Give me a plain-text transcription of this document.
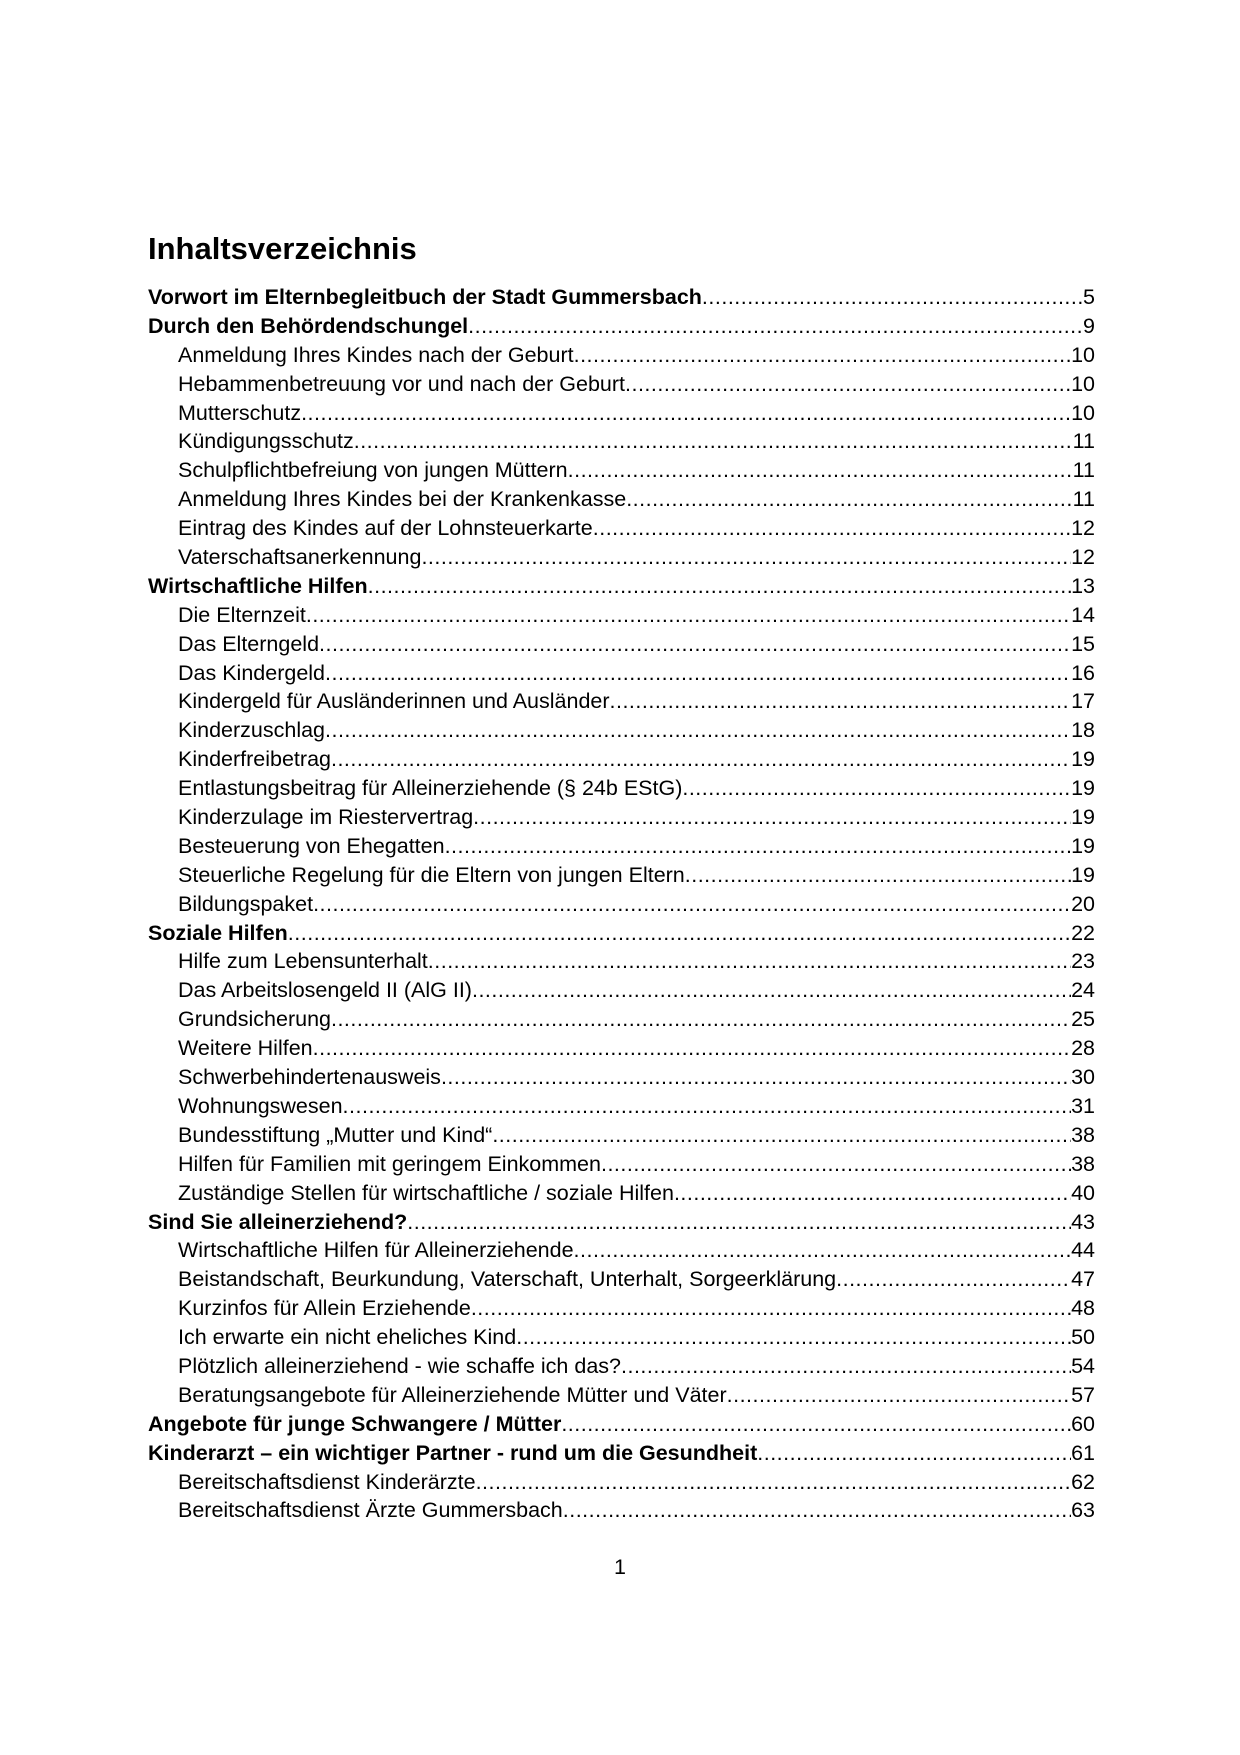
Inhaltsverzeichnis
Vorwort im Elternbegleitbuch der Stadt Gummersbach .....	5
Durch den Behördendschungel .....	9
Anmeldung Ihres Kindes nach der Geburt .....	10
Hebammenbetreuung vor und nach der Geburt .....	10
Mutterschutz .....	10
Kündigungsschutz .....	11
Schulpflichtbefreiung von jungen Müttern .....	11
Anmeldung Ihres Kindes bei der Krankenkasse .....	11
Eintrag des Kindes auf der Lohnsteuerkarte .....	12
Vaterschaftsanerkennung .....	12
Wirtschaftliche Hilfen .....	13
Die Elternzeit .....	14
Das Elterngeld .....	15
Das Kindergeld .....	16
Kindergeld für Ausländerinnen und Ausländer .....	17
Kinderzuschlag .....	18
Kinderfreibetrag .....	19
Entlastungsbeitrag für Alleinerziehende (§ 24b EStG) .....	19
Kinderzulage im Riestervertrag .....	19
Besteuerung von Ehegatten .....	19
Steuerliche Regelung für die Eltern von jungen Eltern .....	19
Bildungspaket .....	20
Soziale Hilfen .....	22
Hilfe zum Lebensunterhalt .....	23
Das Arbeitslosengeld II (AlG II) .....	24
Grundsicherung .....	25
Weitere Hilfen .....	28
Schwerbehindertenausweis .....	30
Wohnungswesen .....	31
Bundesstiftung „Mutter und Kind“ .....	38
Hilfen für Familien mit geringem Einkommen .....	38
Zuständige Stellen für wirtschaftliche / soziale Hilfen .....	40
Sind Sie alleinerziehend? .....	43
Wirtschaftliche Hilfen für Alleinerziehende .....	44
Beistandschaft, Beurkundung, Vaterschaft, Unterhalt, Sorgeerklärung .....	47
Kurzinfos für Allein Erziehende .....	48
Ich erwarte ein nicht eheliches Kind .....	50
Plötzlich alleinerziehend - wie schaffe ich das? .....	54
Beratungsangebote für Alleinerziehende Mütter und Väter .....	57
Angebote für junge Schwangere / Mütter .....	60
Kinderarzt – ein wichtiger Partner - rund um die Gesundheit .....	61
Bereitschaftsdienst Kinderärzte .....	62
Bereitschaftsdienst Ärzte Gummersbach .....	63
1
